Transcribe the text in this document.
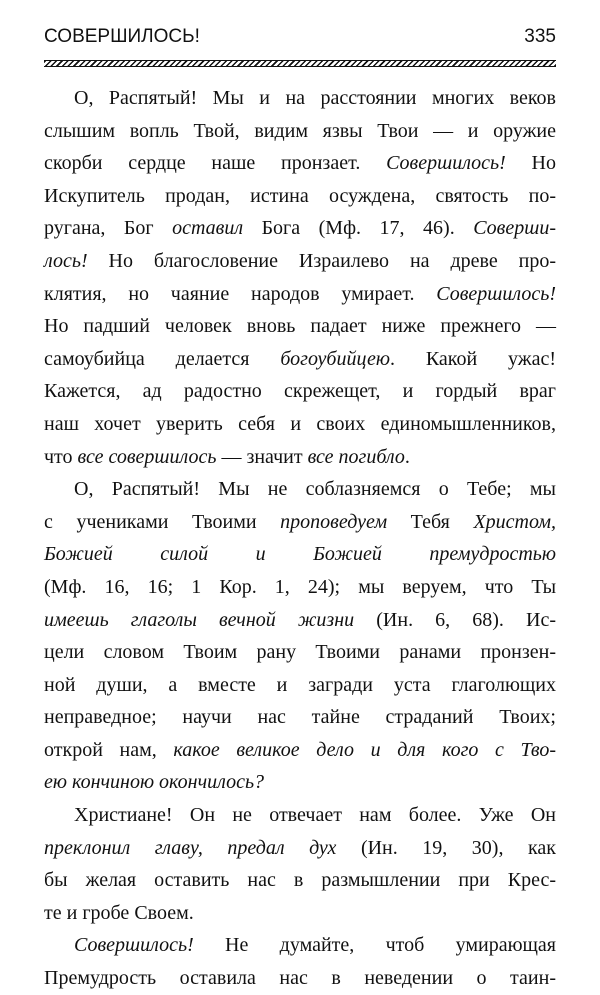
СОВЕРШИЛОСЬ!	335
О, Распятый! Мы и на расстоянии многих веков
слышим вопль Твой, видим язвы Твои — и оружие
скорби сердце наше пронзает. Совершилось! Но
Искупитель продан, истина осуждена, святость по-
ругана, Бог оставил Бога (Мф. 17, 46). Соверши-
лось! Но благословение Израилево на древе про-
клятия, но чаяние народов умирает. Совершилось!
Но падший человек вновь падает ниже прежнего —
самоубийца делается богоубийцею. Какой ужас!
Кажется, ад радостно скрежещет, и гордый враг
наш хочет уверить себя и своих единомышленников,
что все совершилось — значит все погибло.
О, Распятый! Мы не соблазняемся о Тебе; мы
с учениками Твоими проповедуем Тебя Христом,
Божией силой и Божией премудростью
(Мф. 16, 16; 1 Кор. 1, 24); мы веруем, что Ты
имеешь глаголы вечной жизни (Ин. 6, 68). Ис-
цели словом Твоим рану Твоими ранами пронзен-
ной души, а вместе и загради уста глаголющих
неправедное; научи нас тайне страданий Твоих;
открой нам, какое великое дело и для кого с Тво-
ею кончиною окончилось?
Христиане! Он не отвечает нам более. Уже Он
преклонил главу, предал дух (Ин. 19, 30), как
бы желая оставить нас в размышлении при Крес-
те и гробе Своем.
Совершилось! Не думайте, чтоб умирающая
Премудрость оставила нас в неведении о таин-
